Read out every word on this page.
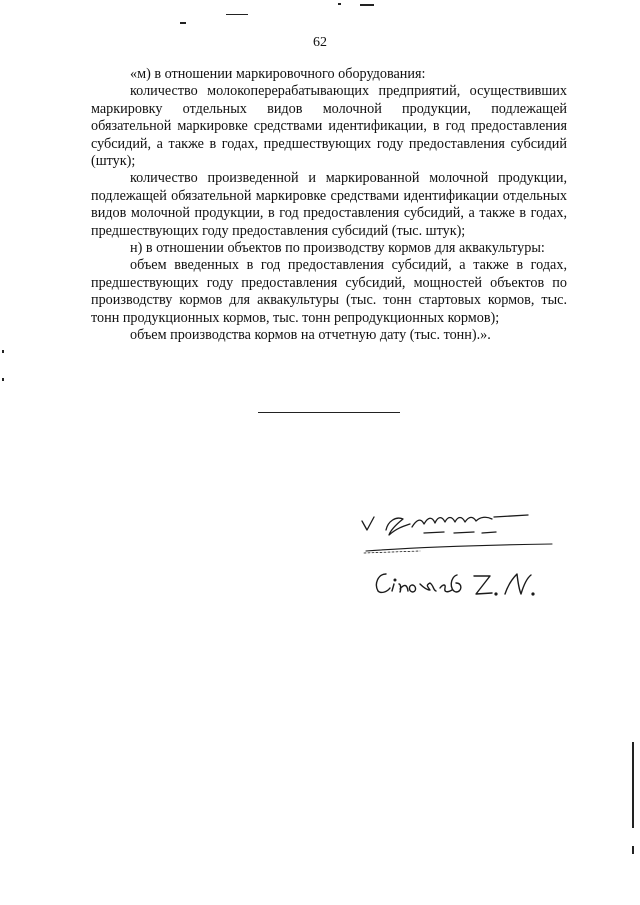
62

«м) в отношении маркировочного оборудования:

количество молокоперерабатывающих предприятий, осуществивших маркировку отдельных видов молочной продукции, подлежащей обязательной маркировке средствами идентификации, в год предоставления субсидий, а также в годах, предшествующих году предоставления субсидий (штук);

количество произведенной и маркированной молочной продукции, подлежащей обязательной маркировке средствами идентификации отдельных видов молочной продукции, в год предоставления субсидий, а также в годах, предшествующих году предоставления субсидий (тыс. штук);

н) в отношении объектов по производству кормов для аквакультуры:

объем введенных в год предоставления субсидий, а также в годах, предшествующих году предоставления субсидий, мощностей объектов по производству кормов для аквакультуры (тыс. тонн стартовых кормов, тыс. тонн продукционных кормов, тыс. тонн репродукционных кормов);

объем производства кормов на отчетную дату (тыс. тонн).».
